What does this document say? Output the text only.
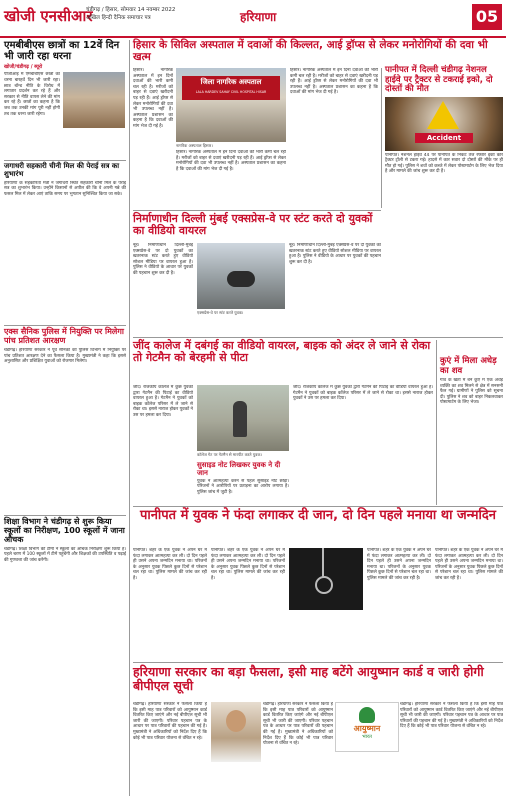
खोजी एनसीआर
चंडीगढ़ / हिसार, सोमवार 14 नवम्बर 2022
अखिल हिन्दी दैनिक समाचार पत्र	हरियाणा	05
एमबीबीएस छात्रों का 12वें दिन भी जारी रहा धरना
खोजी/चंडीगढ़ / ब्यूरो
पीजीआई में एमबीबीएस छात्रों का धरना बारहवें दिन भी जारी रहा। छात्र बॉन्ड नीति के विरोध में लगातार प्रदर्शन कर रहे हैं और सरकार से नीति वापस लेने की मांग कर रहे हैं। छात्रों का कहना है कि जब तक उनकी मांग पूरी नहीं होगी तब तक धरना जारी रहेगा।
जगाधरी सहकारी चीनी मिल की पेराई सत्र का शुभारंभ
हरियाणा के सहकारिता मंत्री ने जगाधरी स्थित सहकारी चीनी मिल के पेराई सत्र का शुभारंभ किया। उन्होंने किसानों से अपील की कि वे अपनी गन्ने की फसल मिल में लेकर आएं ताकि समय पर भुगतान सुनिश्चित किया जा सके।
एक्स सैनिक पुलिस में नियुक्ति पर मिलेगा पांच प्रतिशत आरक्षण
चंडीगढ़। हरियाणा सरकार ने पूर्व सैनिकों को पुलिस विभाग में नियुक्ति पर पांच प्रतिशत आरक्षण देने का फैसला किया है। मुख्यमंत्री ने कहा कि इससे अनुशासित और प्रशिक्षित युवाओं को रोजगार मिलेगा।
शिक्षा विभाग ने चंडीगढ़ से शुरू किया स्कूलों का निरीक्षण, 100 स्कूलों में जाना औचक
चंडीगढ़। शिक्षा विभाग की टीमों ने स्कूलों का औचक निरीक्षण शुरू किया है। पहले चरण में 100 स्कूलों में टीमें पहुंचेंगी और शिक्षकों की उपस्थिति व पढ़ाई की गुणवत्ता की जांच करेंगी।
हिसार के सिविल अस्पताल में दवाओं की किल्लत, आई ड्रॉप्स से लेकर मनोरोगियों की दवा भी खत्म
जिला नागरिक अस्पताल
LALA HARDEV SAHAY CIVIL HOSPITAL HISAR
नागरिक अस्पताल हिसार।
हिसार। नागरिक अस्पताल में इन दिनों दवाओं की भारी कमी चल रही है। मरीजों को बाहर से दवाएं खरीदनी पड़ रही हैं। आई ड्रॉप्स से लेकर मनोरोगियों की दवा भी उपलब्ध नहीं है। अस्पताल प्रशासन का कहना है कि दवाओं की मांग भेज दी गई है।
हिसार। नागरिक अस्पताल में इन दिनों दवाओं की भारी कमी चल रही है। मरीजों को बाहर से दवाएं खरीदनी पड़ रही हैं। आई ड्रॉप्स से लेकर मनोरोगियों की दवा भी उपलब्ध नहीं है। अस्पताल प्रशासन का कहना है कि दवाओं की मांग भेज दी गई है।
हिसार। नागरिक अस्पताल में इन दिनों दवाओं की भारी कमी चल रही है। मरीजों को बाहर से दवाएं खरीदनी पड़ रही हैं। आई ड्रॉप्स से लेकर मनोरोगियों की दवा भी उपलब्ध नहीं है। अस्पताल प्रशासन का कहना है कि दवाओं की मांग भेज दी गई है।
पानीपत में दिल्ली चंडीगढ़ नेशनल हाईवे पर ट्रैक्टर से टकराई इको, दो दोस्तों की मौत
Accident
पानीपत। नेशनल हाईवे 44 पर पानीपत के निकट तेज रफ्तार इको कार ट्रैक्टर ट्रॉली से टकरा गई। हादसे में कार सवार दो दोस्तों की मौके पर ही मौत हो गई। पुलिस ने शवों को कब्जे में लेकर पोस्टमार्टम के लिए भेज दिया है और मामले की जांच शुरू कर दी है।
निर्माणाधीन दिल्ली मुंबई एक्सप्रेस-वे पर स्टंट करते दो युवकों का वीडियो वायरल
नूंह। निर्माणाधीन दिल्ली-मुंबई एक्सप्रेस-वे पर दो युवकों का खतरनाक स्टंट करते हुए वीडियो सोशल मीडिया पर वायरल हुआ है। पुलिस ने वीडियो के आधार पर युवकों की पहचान शुरू कर दी है।
एक्सप्रेस-वे पर स्टंट करते युवक।
नूंह। निर्माणाधीन दिल्ली-मुंबई एक्सप्रेस-वे पर दो युवकों का खतरनाक स्टंट करते हुए वीडियो सोशल मीडिया पर वायरल हुआ है। पुलिस ने वीडियो के आधार पर युवकों की पहचान शुरू कर दी है।
जींद कालेज में दबंगई का वीडियो वायरल, बाइक को अंदर ले जाने से रोका तो गेटमैन को बेरहमी से पीटा
जींद। राजकीय कॉलेज में कुछ युवकों द्वारा गेटमैन की पिटाई का वीडियो वायरल हुआ है। गेटमैन ने युवकों को बाइक कॉलेज परिसर में ले जाने से रोका था। इससे नाराज होकर युवकों ने उस पर हमला कर दिया।
कॉलेज गेट पर गेटमैन से मारपीट करते युवक।
जींद। राजकीय कॉलेज में कुछ युवकों द्वारा गेटमैन की पिटाई का वीडियो वायरल हुआ है। गेटमैन ने युवकों को बाइक कॉलेज परिसर में ले जाने से रोका था। इससे नाराज होकर युवकों ने उस पर हमला कर दिया।
कुएं में मिला अधेड़ का शव
गांव के खेतों में बने कुएं में एक अधेड़ व्यक्ति का शव मिलने से क्षेत्र में सनसनी फैल गई। ग्रामीणों ने पुलिस को सूचना दी। पुलिस ने शव को बाहर निकलवाकर पोस्टमार्टम के लिए भेजा।
सुसाइड नोट लिखकर युवक ने दी जान
युवक ने आत्महत्या करने से पहले सुसाइड नोट छोड़ा। परिजनों ने आरोपियों पर प्रताड़ना का आरोप लगाया है। पुलिस जांच में जुटी है।
पानीपत में युवक ने फंदा लगाकर दी जान, दो दिन पहले मनाया था जन्मदिन
पानीपत। शहर के एक युवक ने अपने घर में फंदा लगाकर आत्महत्या कर ली। दो दिन पहले ही उसने अपना जन्मदिन मनाया था। परिजनों के अनुसार युवक पिछले कुछ दिनों से परेशान चल रहा था। पुलिस मामले की जांच कर रही है।
पानीपत। शहर के एक युवक ने अपने घर में फंदा लगाकर आत्महत्या कर ली। दो दिन पहले ही उसने अपना जन्मदिन मनाया था। परिजनों के अनुसार युवक पिछले कुछ दिनों से परेशान चल रहा था। पुलिस मामले की जांच कर रही है।
पानीपत। शहर के एक युवक ने अपने घर में फंदा लगाकर आत्महत्या कर ली। दो दिन पहले ही उसने अपना जन्मदिन मनाया था। परिजनों के अनुसार युवक पिछले कुछ दिनों से परेशान चल रहा था। पुलिस मामले की जांच कर रही है।
पानीपत। शहर के एक युवक ने अपने घर में फंदा लगाकर आत्महत्या कर ली। दो दिन पहले ही उसने अपना जन्मदिन मनाया था। परिजनों के अनुसार युवक पिछले कुछ दिनों से परेशान चल रहा था। पुलिस मामले की जांच कर रही है।
हरियाणा सरकार का बड़ा फैसला, इसी माह बटेंगे आयुष्मान कार्ड व जारी होगी बीपीएल सूची
चंडीगढ़। हरियाणा सरकार ने फैसला किया है कि इसी माह पात्र परिवारों को आयुष्मान कार्ड वितरित किए जाएंगे और नई बीपीएल सूची भी जारी की जाएगी। परिवार पहचान पत्र के आधार पर पात्र परिवारों की पहचान की गई है। मुख्यमंत्री ने अधिकारियों को निर्देश दिए हैं कि कोई भी पात्र परिवार योजना से वंचित न रहे।
चंडीगढ़। हरियाणा सरकार ने फैसला किया है कि इसी माह पात्र परिवारों को आयुष्मान कार्ड वितरित किए जाएंगे और नई बीपीएल सूची भी जारी की जाएगी। परिवार पहचान पत्र के आधार पर पात्र परिवारों की पहचान की गई है। मुख्यमंत्री ने अधिकारियों को निर्देश दिए हैं कि कोई भी पात्र परिवार योजना से वंचित न रहे।
आयुष्मान
भारत
चंडीगढ़। हरियाणा सरकार ने फैसला किया है कि इसी माह पात्र परिवारों को आयुष्मान कार्ड वितरित किए जाएंगे और नई बीपीएल सूची भी जारी की जाएगी। परिवार पहचान पत्र के आधार पर पात्र परिवारों की पहचान की गई है। मुख्यमंत्री ने अधिकारियों को निर्देश दिए हैं कि कोई भी पात्र परिवार योजना से वंचित न रहे।
